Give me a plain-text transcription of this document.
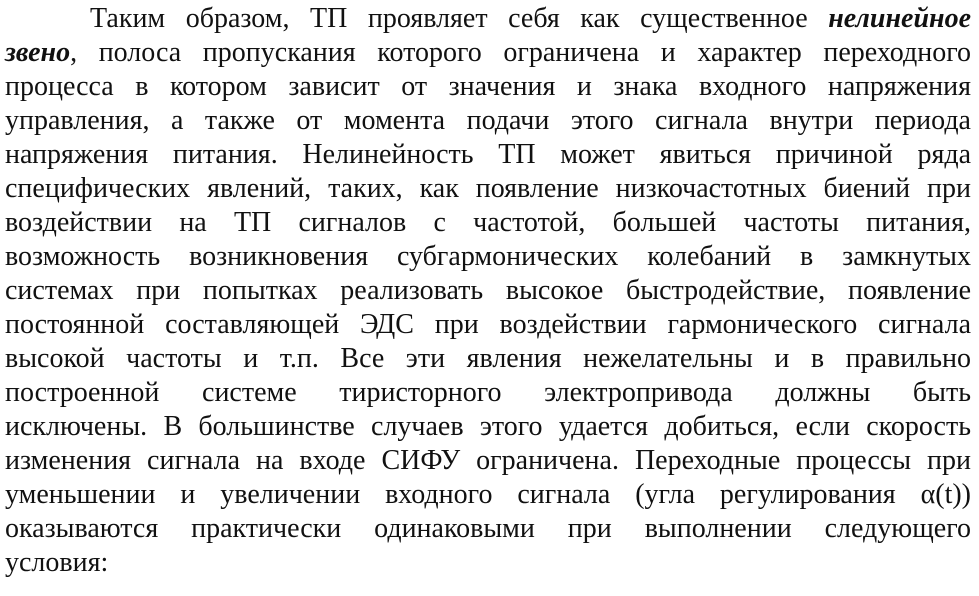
Таким образом, ТП проявляет себя как существенное нелинейное
звено, полоса пропускания которого ограничена и характер переходного
процесса в котором зависит от значения и знака входного напряжения
управления, а также от момента подачи этого сигнала внутри периода
напряжения питания. Нелинейность ТП может явиться причиной ряда
специфических явлений, таких, как появление низкочастотных биений при
воздействии на ТП сигналов с частотой, большей частоты питания,
возможность возникновения субгармонических колебаний в замкнутых
системах при попытках реализовать высокое быстродействие, появление
постоянной составляющей ЭДС при воздействии гармонического сигнала
высокой частоты и т.п. Все эти явления нежелательны и в правильно
построенной системе тиристорного электропривода должны быть
исключены. В большинстве случаев этого удается добиться, если скорость
изменения сигнала на входе СИФУ ограничена. Переходные процессы при
уменьшении и увеличении входного сигнала (угла регулирования α(t))
оказываются практически одинаковыми при выполнении следующего
условия:
